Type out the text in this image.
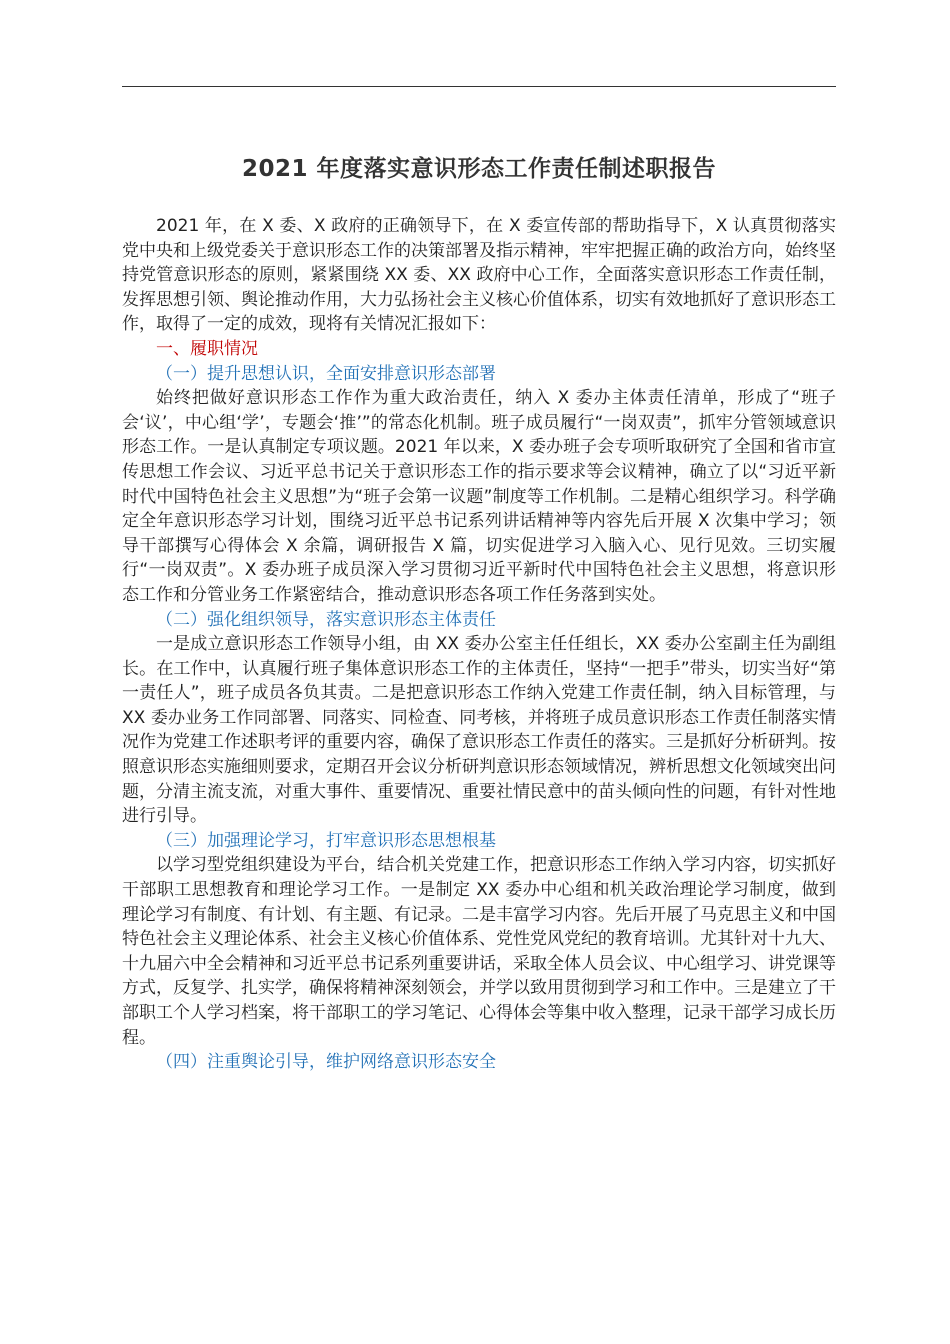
2021 年度落实意识形态工作责任制述职报告

2021 年，在 X 委、X 政府的正确领导下，在 X 委宣传部的帮助指导下，X 认真贯彻落实党中央和上级党委关于意识形态工作的决策部署及指示精神，牢牢把握正确的政治方向，始终坚持党管意识形态的原则，紧紧围绕 XX 委、XX 政府中心工作，全面落实意识形态工作责任制，发挥思想引领、舆论推动作用，大力弘扬社会主义核心价值体系，切实有效地抓好了意识形态工作，取得了一定的成效，现将有关情况汇报如下：

一、履职情况

（一）提升思想认识，全面安排意识形态部署

始终把做好意识形态工作作为重大政治责任，纳入 X 委办主体责任清单，形成了“班子会‘议’，中心组‘学’，专题会‘推’”的常态化机制。班子成员履行“一岗双责”，抓牢分管领域意识形态工作。一是认真制定专项议题。2021 年以来，X 委办班子会专项听取研究了全国和省市宣传思想工作会议、习近平总书记关于意识形态工作的指示要求等会议精神，确立了以“习近平新时代中国特色社会主义思想”为“班子会第一议题”制度等工作机制。二是精心组织学习。科学确定全年意识形态学习计划，围绕习近平总书记系列讲话精神等内容先后开展 X 次集中学习；领导干部撰写心得体会 X 余篇，调研报告 X 篇，切实促进学习入脑入心、见行见效。三切实履行“一岗双责”。X 委办班子成员深入学习贯彻习近平新时代中国特色社会主义思想，将意识形态工作和分管业务工作紧密结合，推动意识形态各项工作任务落到实处。

（二）强化组织领导，落实意识形态主体责任

一是成立意识形态工作领导小组，由 XX 委办公室主任任组长，XX 委办公室副主任为副组长。在工作中，认真履行班子集体意识形态工作的主体责任，坚持“一把手”带头，切实当好“第一责任人”，班子成员各负其责。二是把意识形态工作纳入党建工作责任制，纳入目标管理，与 XX 委办业务工作同部署、同落实、同检查、同考核，并将班子成员意识形态工作责任制落实情况作为党建工作述职考评的重要内容，确保了意识形态工作责任的落实。三是抓好分析研判。按照意识形态实施细则要求，定期召开会议分析研判意识形态领域情况，辨析思想文化领域突出问题，分清主流支流，对重大事件、重要情况、重要社情民意中的苗头倾向性的问题，有针对性地进行引导。

（三）加强理论学习，打牢意识形态思想根基

以学习型党组织建设为平台，结合机关党建工作，把意识形态工作纳入学习内容，切实抓好干部职工思想教育和理论学习工作。一是制定 XX 委办中心组和机关政治理论学习制度，做到理论学习有制度、有计划、有主题、有记录。二是丰富学习内容。先后开展了马克思主义和中国特色社会主义理论体系、社会主义核心价值体系、党性党风党纪的教育培训。尤其针对十九大、十九届六中全会精神和习近平总书记系列重要讲话，采取全体人员会议、中心组学习、讲党课等方式，反复学、扎实学，确保将精神深刻领会，并学以致用贯彻到学习和工作中。三是建立了干部职工个人学习档案，将干部职工的学习笔记、心得体会等集中收入整理，记录干部学习成长历程。

（四）注重舆论引导，维护网络意识形态安全
